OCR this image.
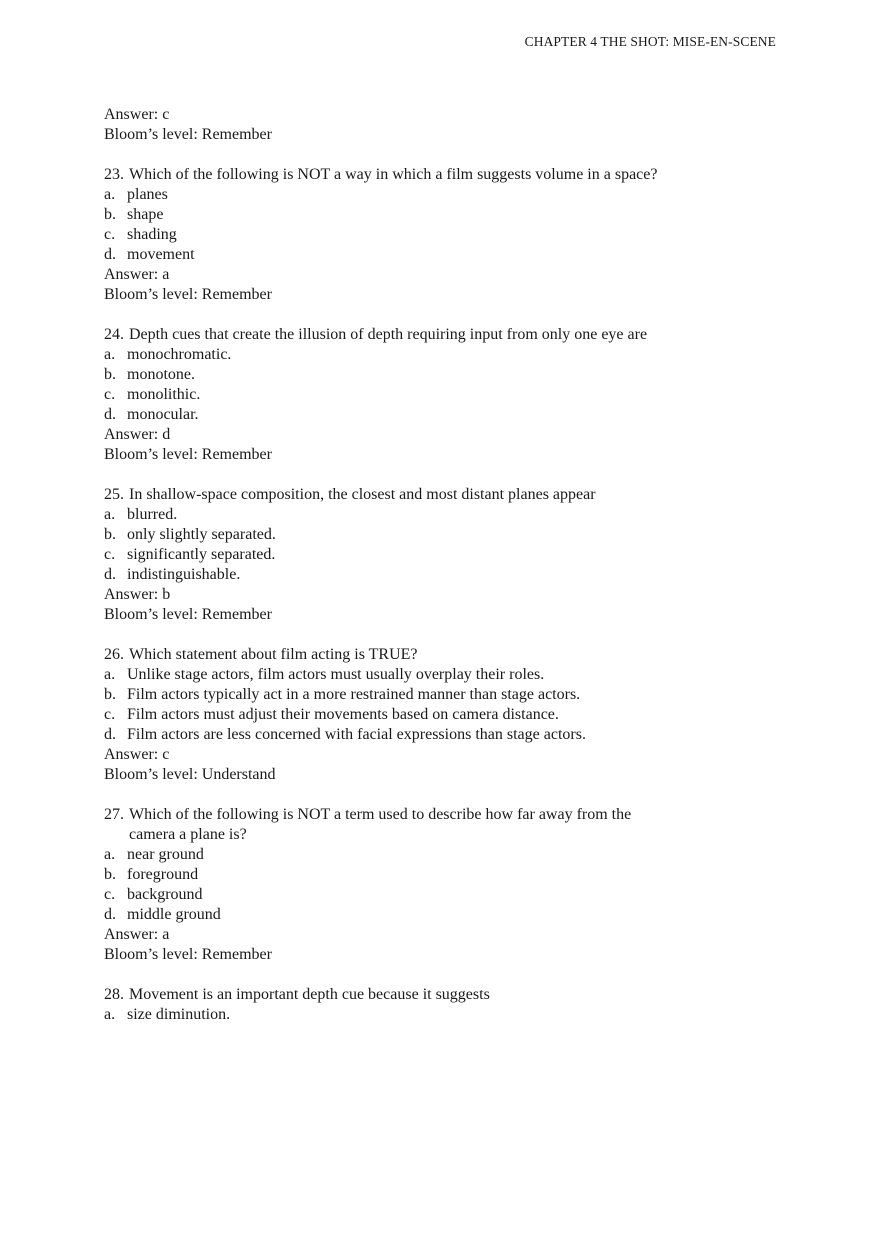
CHAPTER 4 THE SHOT: MISE-EN-SCENE
Answer: c
Bloom’s level: Remember
23. Which of the following is NOT a way in which a film suggests volume in a space?
a. planes
b. shape
c. shading
d. movement
Answer: a
Bloom’s level: Remember
24. Depth cues that create the illusion of depth requiring input from only one eye are
a. monochromatic.
b. monotone.
c. monolithic.
d. monocular.
Answer: d
Bloom’s level: Remember
25. In shallow-space composition, the closest and most distant planes appear
a. blurred.
b. only slightly separated.
c. significantly separated.
d. indistinguishable.
Answer: b
Bloom’s level: Remember
26. Which statement about film acting is TRUE?
a. Unlike stage actors, film actors must usually overplay their roles.
b. Film actors typically act in a more restrained manner than stage actors.
c. Film actors must adjust their movements based on camera distance.
d. Film actors are less concerned with facial expressions than stage actors.
Answer: c
Bloom’s level: Understand
27. Which of the following is NOT a term used to describe how far away from the
camera a plane is?
a. near ground
b. foreground
c. background
d. middle ground
Answer: a
Bloom’s level: Remember
28. Movement is an important depth cue because it suggests
a. size diminution.
